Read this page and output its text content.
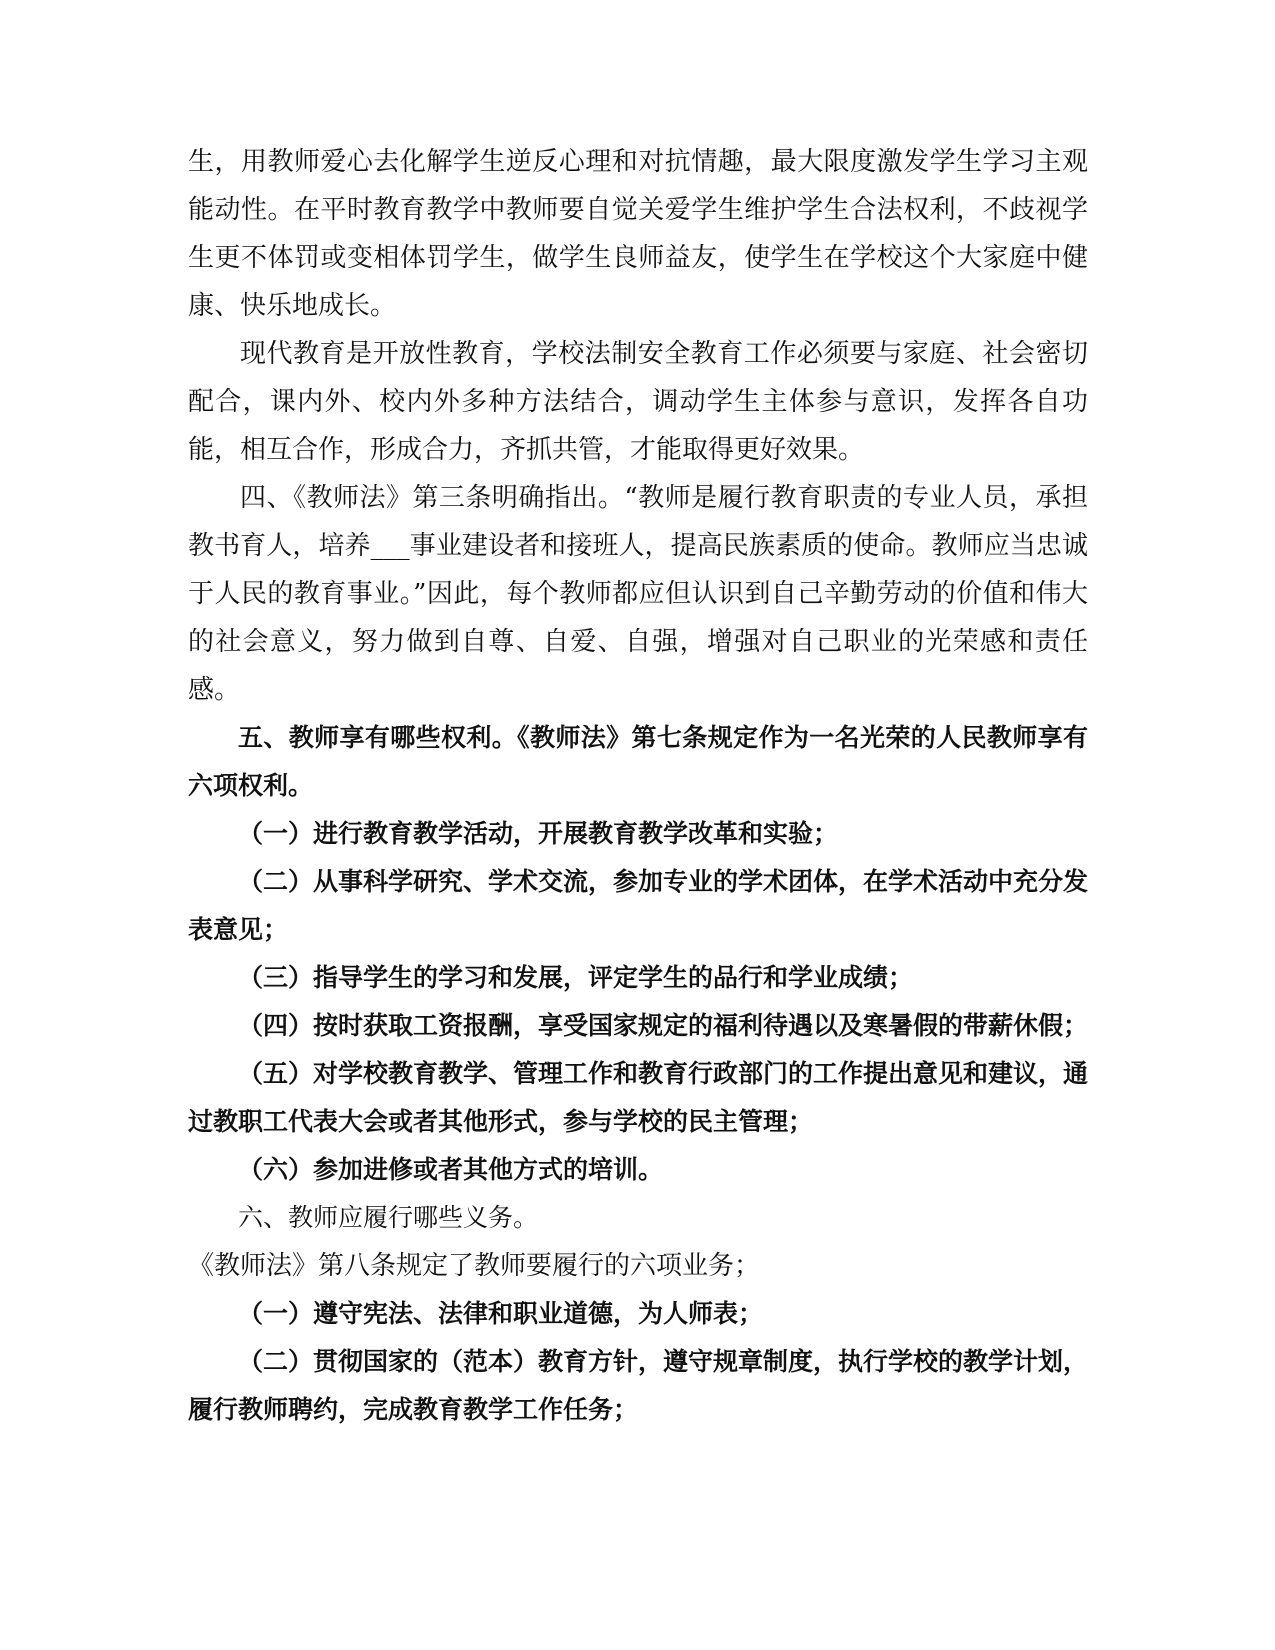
生，用教师爱心去化解学生逆反心理和对抗情趣，最大限度激发学生学习主观能动性。在平时教育教学中教师要自觉关爱学生维护学生合法权利，不歧视学生更不体罚或变相体罚学生，做学生良师益友，使学生在学校这个大家庭中健康、快乐地成长。

现代教育是开放性教育，学校法制安全教育工作必须要与家庭、社会密切配合，课内外、校内外多种方法结合，调动学生主体参与意识，发挥各自功能，相互合作，形成合力，齐抓共管，才能取得更好效果。

四、《教师法》第三条明确指出。“教师是履行教育职责的专业人员，承担教书育人，培养___事业建设者和接班人，提高民族素质的使命。教师应当忠诚于人民的教育事业。”因此，每个教师都应但认识到自己辛勤劳动的价值和伟大的社会意义，努力做到自尊、自爱、自强，增强对自己职业的光荣感和责任感。

五、教师享有哪些权利。《教师法》第七条规定作为一名光荣的人民教师享有六项权利。

（一）进行教育教学活动，开展教育教学改革和实验；

（二）从事科学研究、学术交流，参加专业的学术团体，在学术活动中充分发表意见；

（三）指导学生的学习和发展，评定学生的品行和学业成绩；

（四）按时获取工资报酬，享受国家规定的福利待遇以及寒暑假的带薪休假；

（五）对学校教育教学、管理工作和教育行政部门的工作提出意见和建议，通过教职工代表大会或者其他形式，参与学校的民主管理；

（六）参加进修或者其他方式的培训。

六、教师应履行哪些义务。

《教师法》第八条规定了教师要履行的六项业务；

（一）遵守宪法、法律和职业道德，为人师表；

（二）贯彻国家的（范本）教育方针，遵守规章制度，执行学校的教学计划，履行教师聘约，完成教育教学工作任务；
